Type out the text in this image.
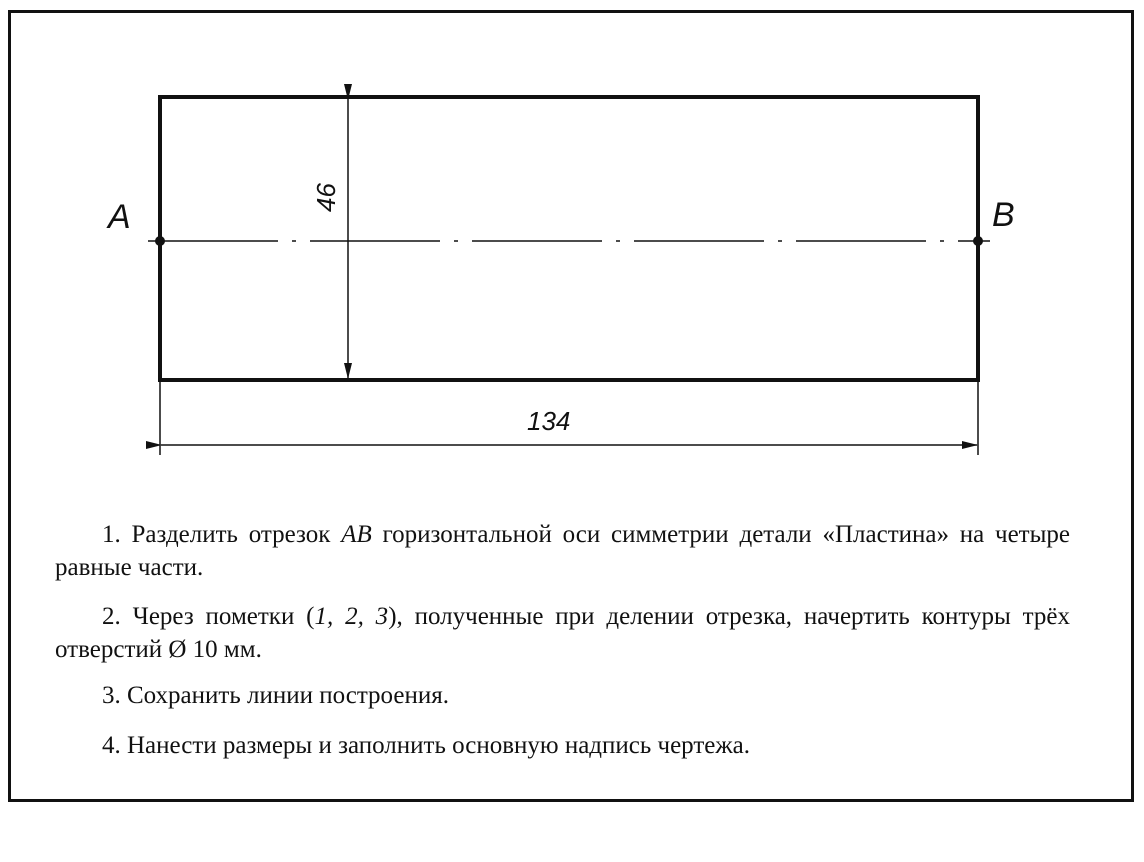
A	B
46
134

1. Разделить отрезок AB горизонтальной оси симметрии детали «Пластина» на четыре равные части.

2. Через пометки (1, 2, 3), полученные при делении отрезка, начертить контуры трёх отверстий Ø 10 мм.

3. Сохранить линии построения.

4. Нанести размеры и заполнить основную надпись чертежа.
